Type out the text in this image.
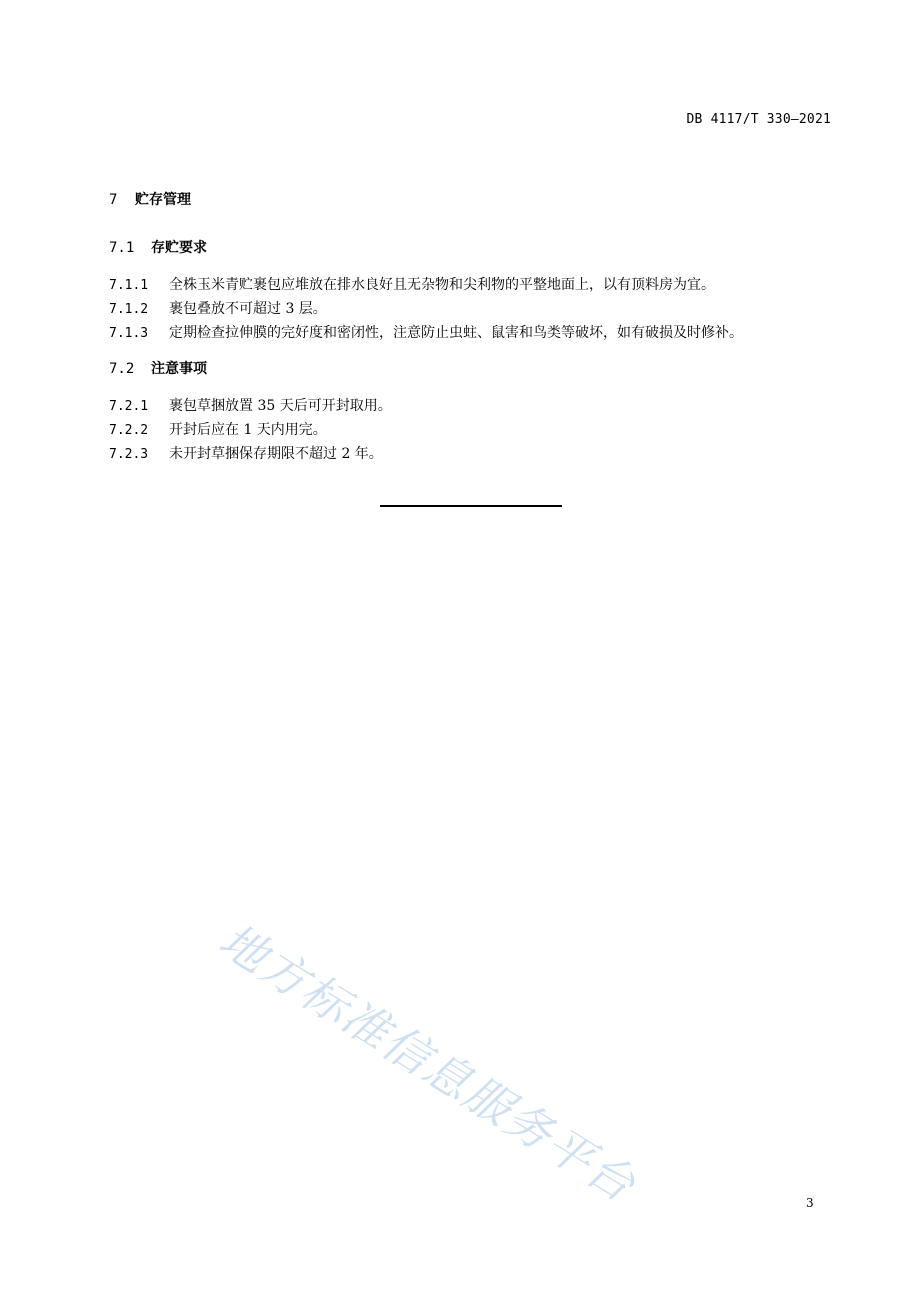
DB 4117/T 330—2021
7 贮存管理
7.1 存贮要求
7.1.1 全株玉米青贮裹包应堆放在排水良好且无杂物和尖利物的平整地面上，以有顶料房为宜。
7.1.2 裹包叠放不可超过 3 层。
7.1.3 定期检查拉伸膜的完好度和密闭性，注意防止虫蛀、鼠害和鸟类等破坏，如有破损及时修补。
7.2 注意事项
7.2.1 裹包草捆放置 35 天后可开封取用。
7.2.2 开封后应在 1 天内用完。
7.2.3 未开封草捆保存期限不超过 2 年。
地方标准信息服务平台	3
